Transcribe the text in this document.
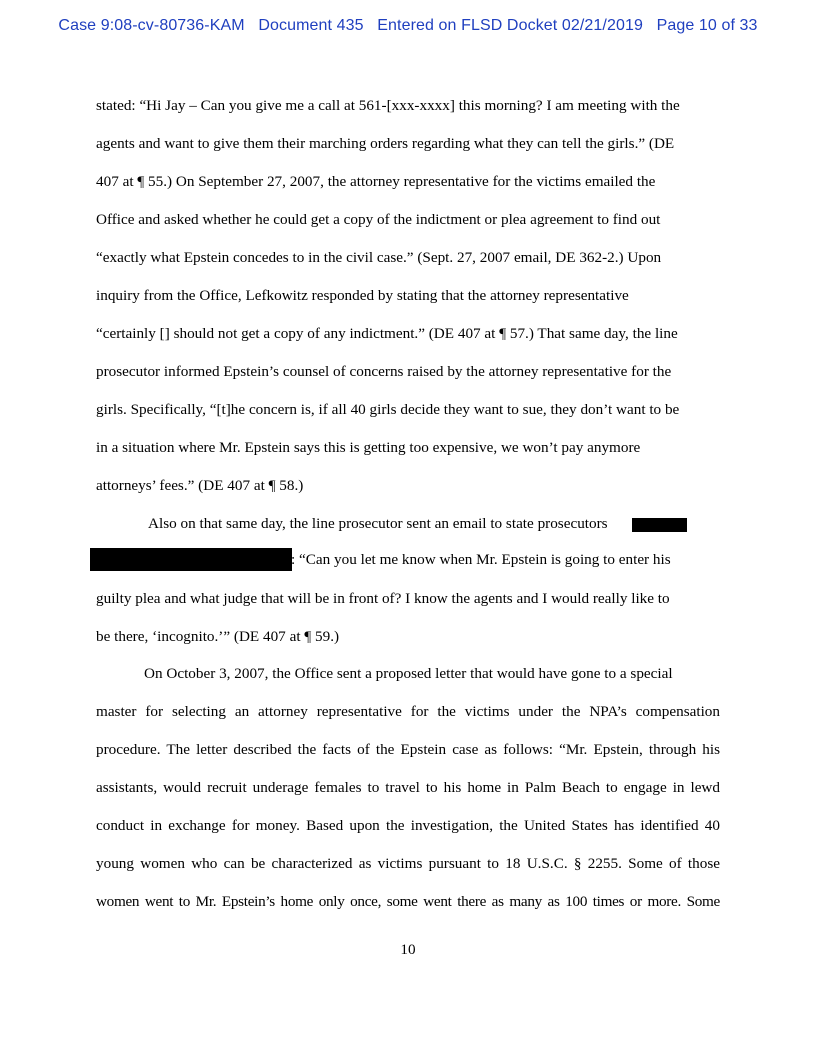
Case 9:08-cv-80736-KAM Document 435 Entered on FLSD Docket 02/21/2019 Page 10 of 33
stated: “Hi Jay – Can you give me a call at 561-[xxx-xxxx] this morning? I am meeting with the
agents and want to give them their marching orders regarding what they can tell the girls.” (DE
407 at ¶ 55.) On September 27, 2007, the attorney representative for the victims emailed the
Office and asked whether he could get a copy of the indictment or plea agreement to find out
“exactly what Epstein concedes to in the civil case.” (Sept. 27, 2007 email, DE 362-2.) Upon
inquiry from the Office, Lefkowitz responded by stating that the attorney representative
“certainly [] should not get a copy of any indictment.” (DE 407 at ¶ 57.) That same day, the line
prosecutor informed Epstein’s counsel of concerns raised by the attorney representative for the
girls. Specifically, “[t]he concern is, if all 40 girls decide they want to sue, they don’t want to be
in a situation where Mr. Epstein says this is getting too expensive, we won’t pay anymore
attorneys’ fees.” (DE 407 at ¶ 58.)
Also on that same day, the line prosecutor sent an email to state prosecutors
: “Can you let me know when Mr. Epstein is going to enter his
guilty plea and what judge that will be in front of? I know the agents and I would really like to
be there, ‘incognito.’” (DE 407 at ¶ 59.)
On October 3, 2007, the Office sent a proposed letter that would have gone to a special
master for selecting an attorney representative for the victims under the NPA’s compensation
procedure. The letter described the facts of the Epstein case as follows: “Mr. Epstein, through his
assistants, would recruit underage females to travel to his home in Palm Beach to engage in lewd
conduct in exchange for money. Based upon the investigation, the United States has identified 40
young women who can be characterized as victims pursuant to 18 U.S.C. § 2255. Some of those
women went to Mr. Epstein’s home only once, some went there as many as 100 times or more. Some
10
